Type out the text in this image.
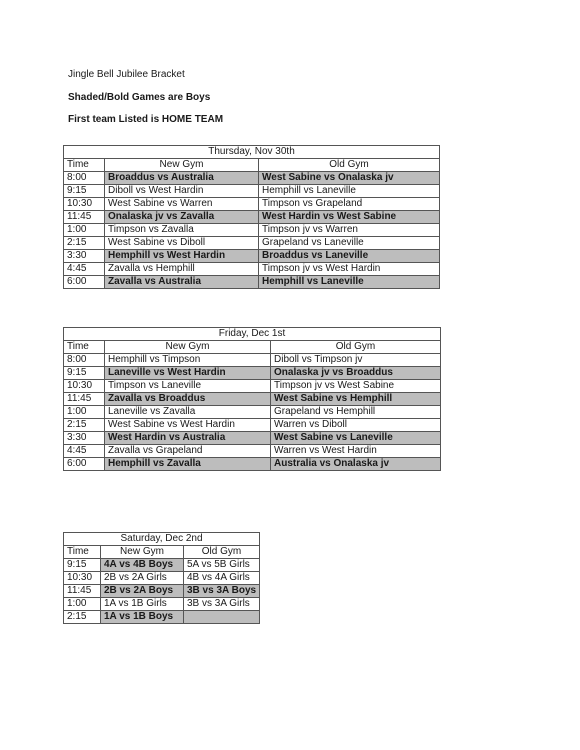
Jingle Bell Jubilee Bracket
Shaded/Bold Games are Boys
First team Listed is HOME TEAM
Thursday, Nov 30th		
Time	New Gym	Old Gym
8:00	Broaddus vs Australia	West Sabine vs Onalaska jv
9:15	Diboll vs West Hardin	Hemphill vs Laneville
10:30	West Sabine vs Warren	Timpson vs Grapeland
11:45	Onalaska jv vs Zavalla	West Hardin vs West Sabine
1:00	Timpson vs Zavalla	Timpson jv vs Warren
2:15	West Sabine vs Diboll	Grapeland vs Laneville
3:30	Hemphill vs West Hardin	Broaddus vs Laneville
4:45	Zavalla vs Hemphill	Timpson jv vs West Hardin
6:00	Zavalla vs Australia	Hemphill vs Laneville
Friday, Dec 1st		
Time	New Gym	Old Gym
8:00	Hemphill vs Timpson	Diboll vs Timpson jv
9:15	Laneville vs West Hardin	Onalaska jv vs Broaddus
10:30	Timpson vs Laneville	Timpson jv vs West Sabine
11:45	Zavalla vs Broaddus	West Sabine vs Hemphill
1:00	Laneville vs Zavalla	Grapeland vs Hemphill
2:15	West Sabine vs West Hardin	Warren vs Diboll
3:30	West Hardin vs Australia	West Sabine vs Laneville
4:45	Zavalla vs Grapeland	Warren vs West Hardin
6:00	Hemphill vs Zavalla	Australia vs Onalaska jv
Saturday, Dec 2nd		
Time	New Gym	Old Gym
9:15	4A vs 4B Boys	5A vs 5B Girls
10:30	2B vs 2A Girls	4B vs 4A Girls
11:45	2B vs 2A Boys	3B vs 3A Boys
1:00	1A vs 1B Girls	3B vs 3A Girls
2:15	1A vs 1B Boys	
